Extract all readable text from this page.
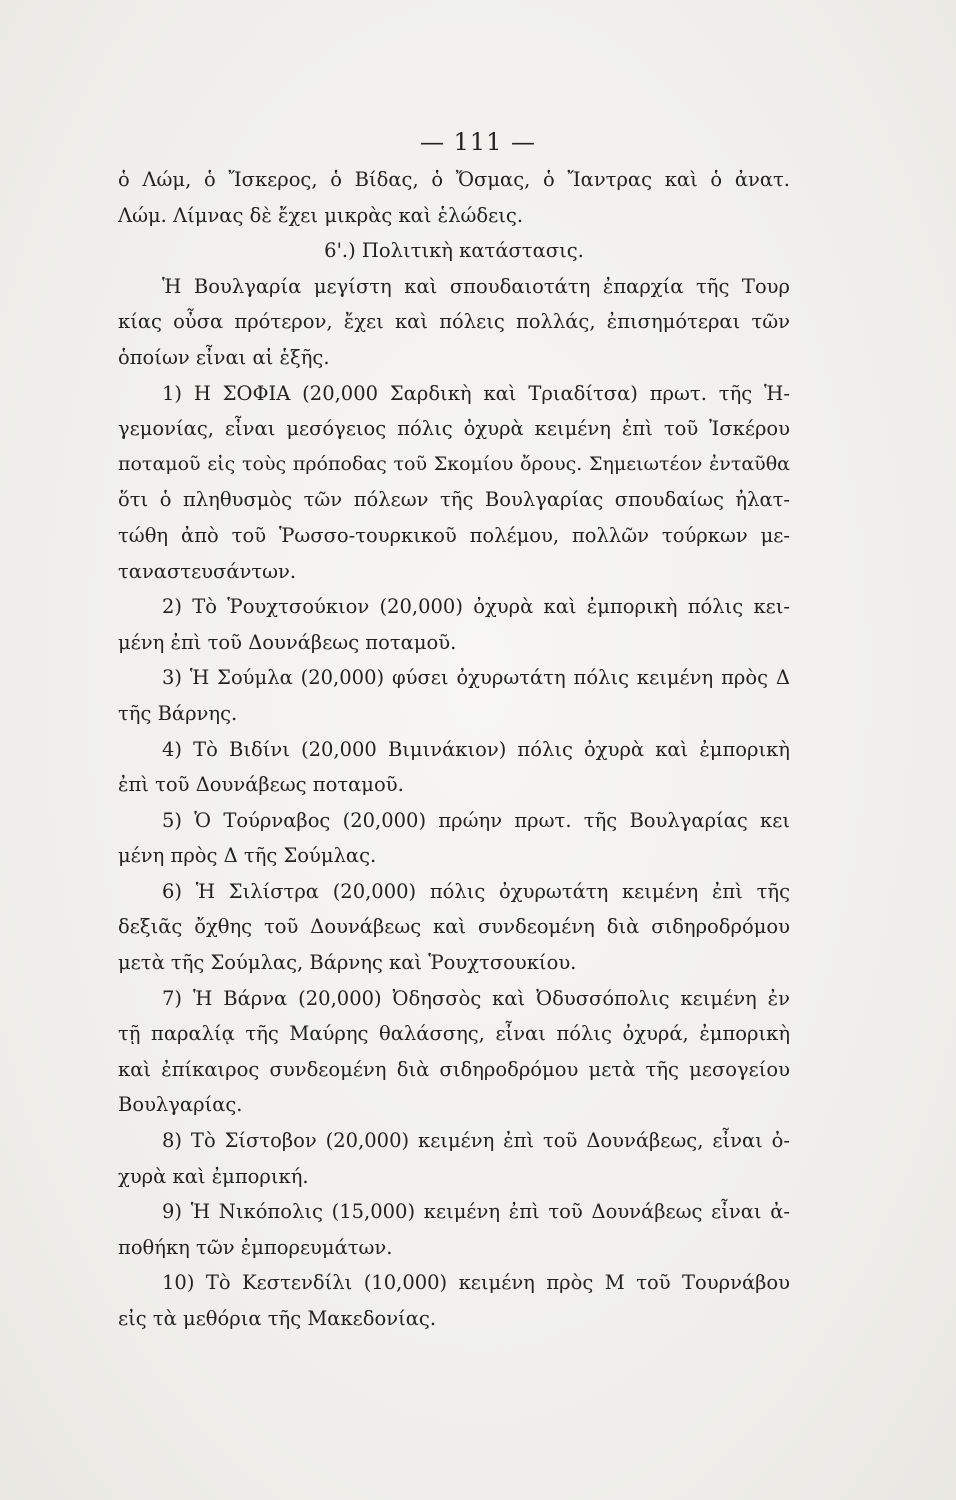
— 111 —
ὁ Λώμ, ὁ Ἴσκερος, ὁ Βίδας, ὁ Ὄσμας, ὁ Ἴαντρας καὶ ὁ ἀνατ.
Λώμ. Λίμνας δὲ ἔχει μικρὰς καὶ ἑλώδεις.
6'.) Πολιτικὴ κατάστασις.
Ἡ Βουλγαρία μεγίστη καὶ σπουδαιοτάτη ἐπαρχία τῆς Τουρ
κίας οὖσα πρότερον, ἔχει καὶ πόλεις πολλάς, ἐπισημότεραι τῶν
ὁποίων εἶναι αἱ ἑξῆς.
1) Η ΣΟΦΙΑ (20,000 Σαρδικὴ καὶ Τριαδίτσα) πρωτ. τῆς Ἡ-
γεμονίας, εἶναι μεσόγειος πόλις ὀχυρὰ κειμένη ἐπὶ τοῦ Ἰσκέρου
ποταμοῦ εἰς τοὺς πρόποδας τοῦ Σκομίου ὄρους. Σημειωτέον ἐνταῦθα
ὅτι ὁ πληθυσμὸς τῶν πόλεων τῆς Βουλγαρίας σπουδαίως ἠλατ-
τώθη ἀπὸ τοῦ Ῥωσσο-τουρκικοῦ πολέμου, πολλῶν τούρκων με-
ταναστευσάντων.
2) Τὸ Ῥουχτσούκιον (20,000) ὀχυρὰ καὶ ἐμπορικὴ πόλις κει-
μένη ἐπὶ τοῦ Δουνάβεως ποταμοῦ.
3) Ἡ Σούμλα (20,000) φύσει ὀχυρωτάτη πόλις κειμένη πρὸς Δ
τῆς Βάρνης.
4) Τὸ Βιδίνι (20,000 Βιμινάκιον) πόλις ὀχυρὰ καὶ ἐμπορικὴ
ἐπὶ τοῦ Δουνάβεως ποταμοῦ.
5) Ὁ Τούρναβος (20,000) πρώην πρωτ. τῆς Βουλγαρίας κει
μένη πρὸς Δ τῆς Σούμλας.
6) Ἡ Σιλίστρα (20,000) πόλις ὀχυρωτάτη κειμένη ἐπὶ τῆς
δεξιᾶς ὄχθης τοῦ Δουνάβεως καὶ συνδεομένη διὰ σιδηροδρόμου
μετὰ τῆς Σούμλας, Βάρνης καὶ Ῥουχτσουκίου.
7) Ἡ Βάρνα (20,000) Ὀδησσὸς καὶ Ὀδυσσόπολις κειμένη ἐν
τῇ παραλίᾳ τῆς Μαύρης θαλάσσης, εἶναι πόλις ὀχυρά, ἐμπορικὴ
καὶ ἐπίκαιρος συνδεομένη διὰ σιδηροδρόμου μετὰ τῆς μεσογείου
Βουλγαρίας.
8) Τὸ Σίστοβον (20,000) κειμένη ἐπὶ τοῦ Δουνάβεως, εἶναι ὀ-
χυρὰ καὶ ἐμπορική.
9) Ἡ Νικόπολις (15,000) κειμένη ἐπὶ τοῦ Δουνάβεως εἶναι ἀ-
ποθήκη τῶν ἐμπορευμάτων.
10) Τὸ Κεστενδίλι (10,000) κειμένη πρὸς Μ τοῦ Τουρνάβου
εἰς τὰ μεθόρια τῆς Μακεδονίας.
